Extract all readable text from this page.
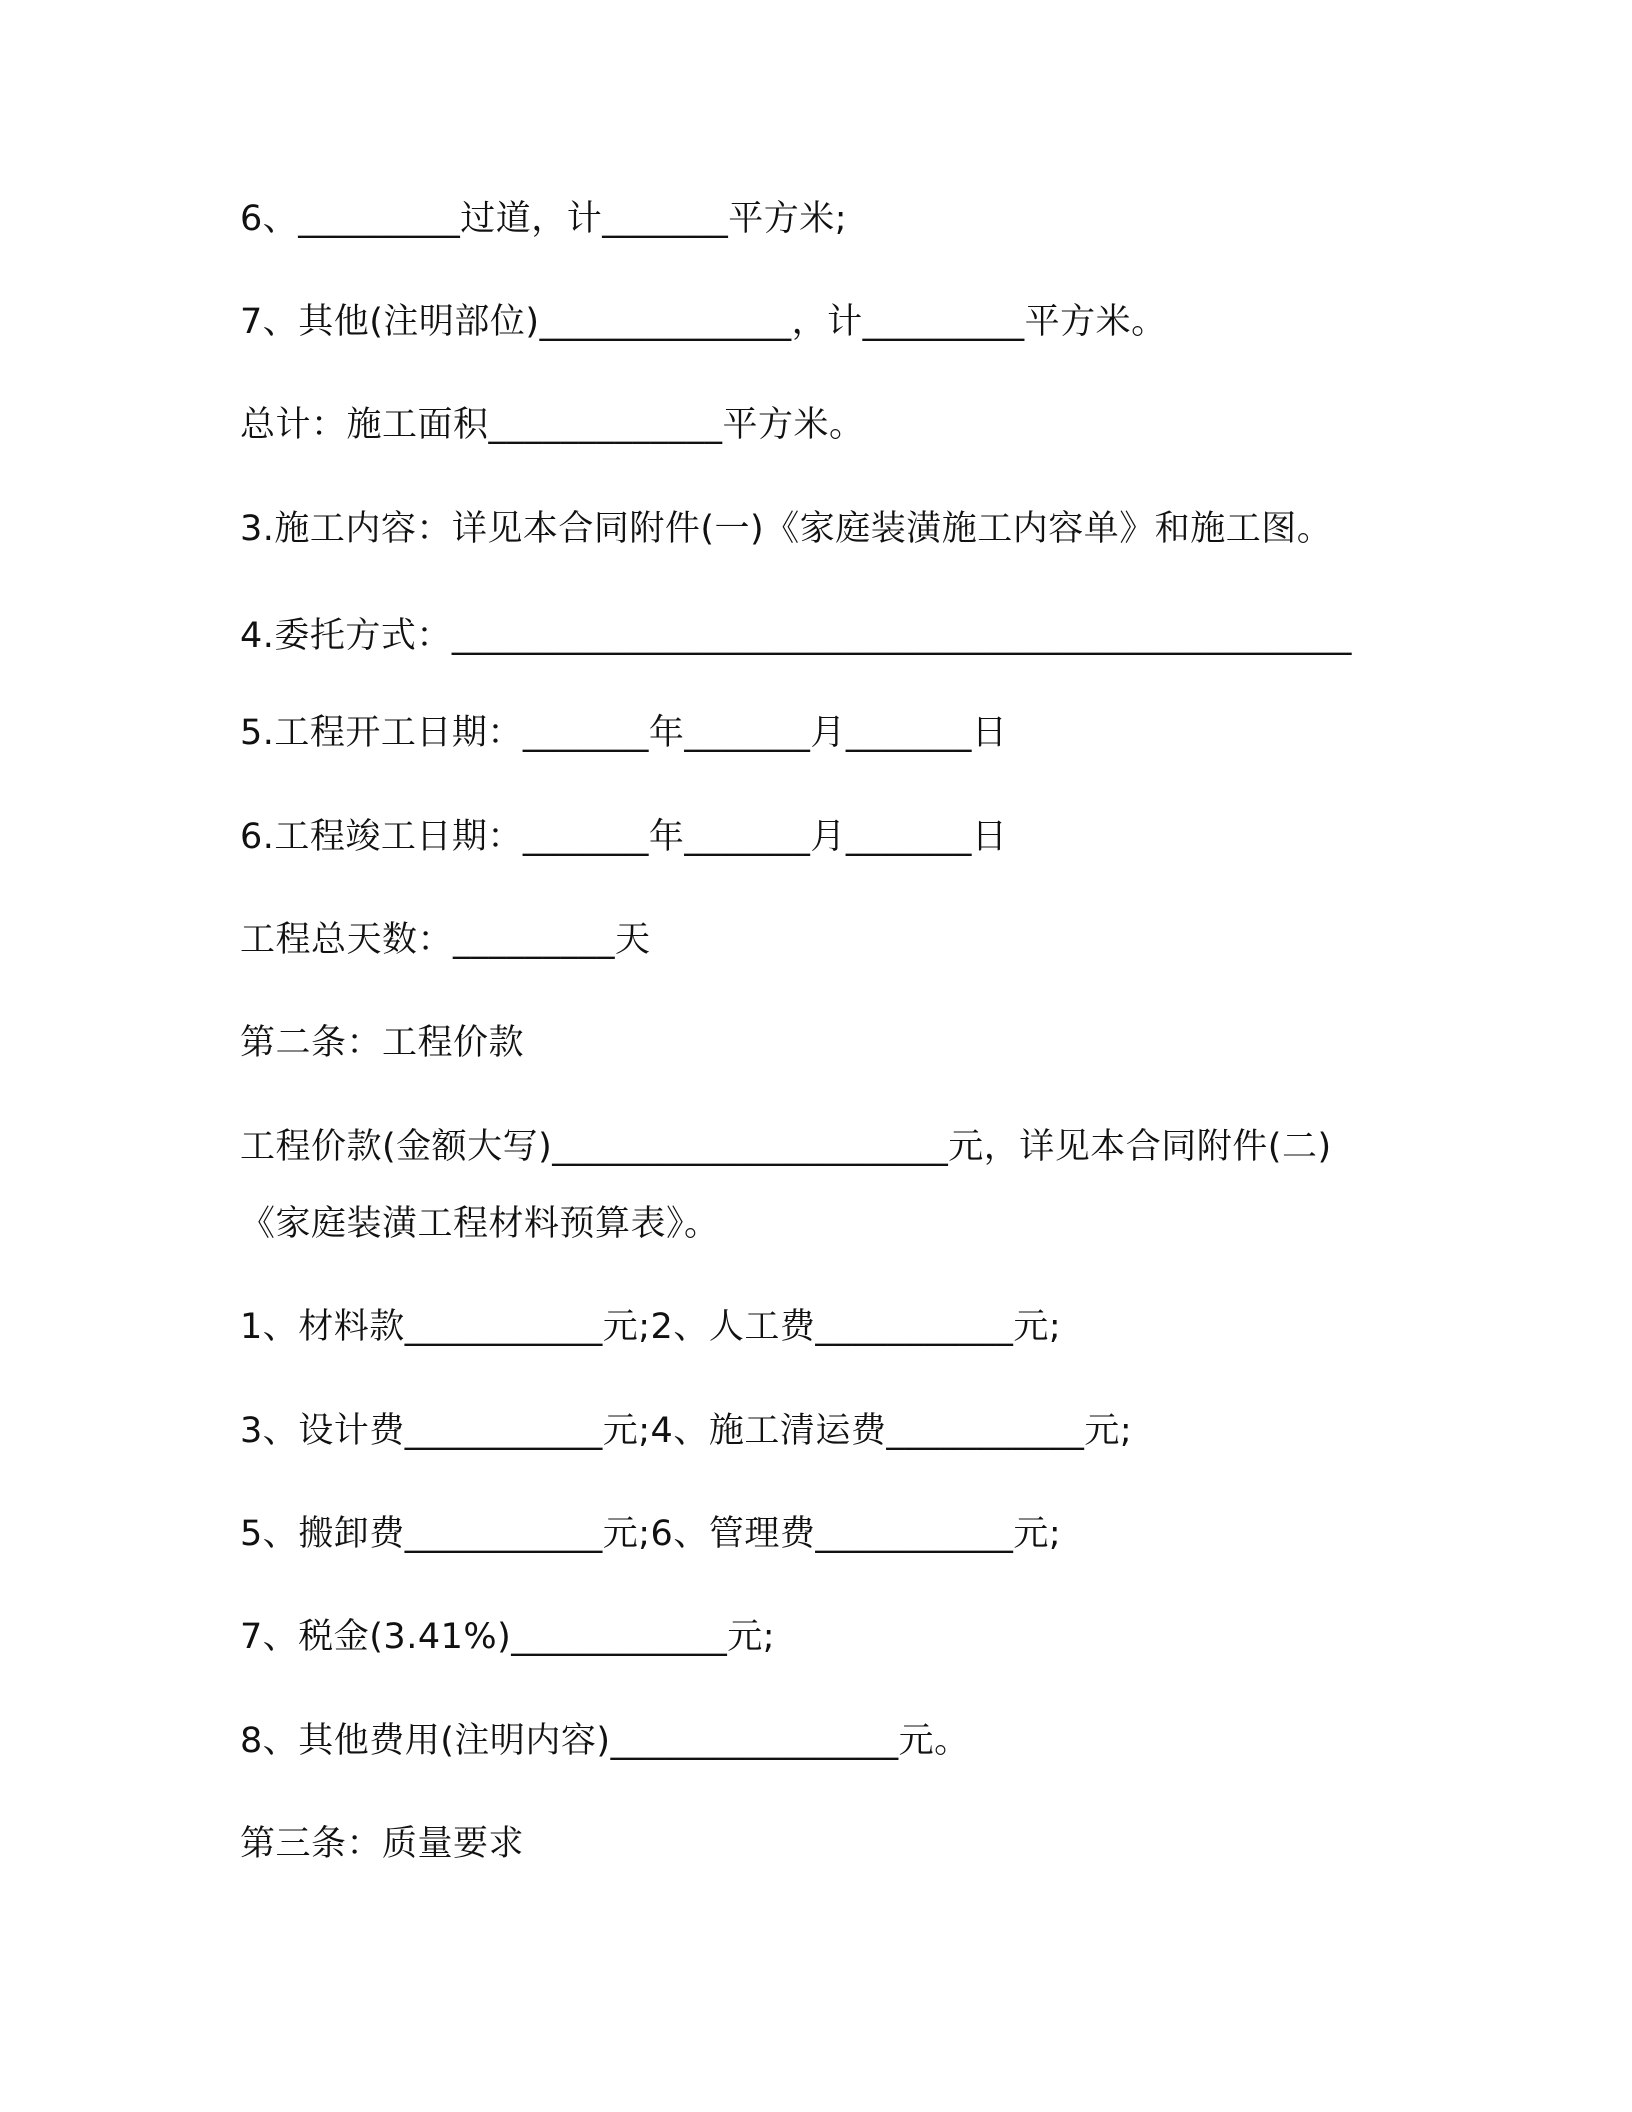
6、_________过道，计_______平方米;
7、其他(注明部位)______________，计_________平方米。
总计：施工面积_____________平方米。
3.施工内容：详见本合同附件(一)《家庭装潢施工内容单》和施工图。
4.委托方式：__________________________________________________
5.工程开工日期：_______年_______月_______日
6.工程竣工日期：_______年_______月_______日
工程总天数：_________天
第二条：工程价款
工程价款(金额大写)______________________元，详见本合同附件(二)
《家庭装潢工程材料预算表》。
1、材料款___________元;2、人工费___________元;
3、设计费___________元;4、施工清运费___________元;
5、搬卸费___________元;6、管理费___________元;
7、税金(3.41%)____________元;
8、其他费用(注明内容)________________元。
第三条：质量要求
